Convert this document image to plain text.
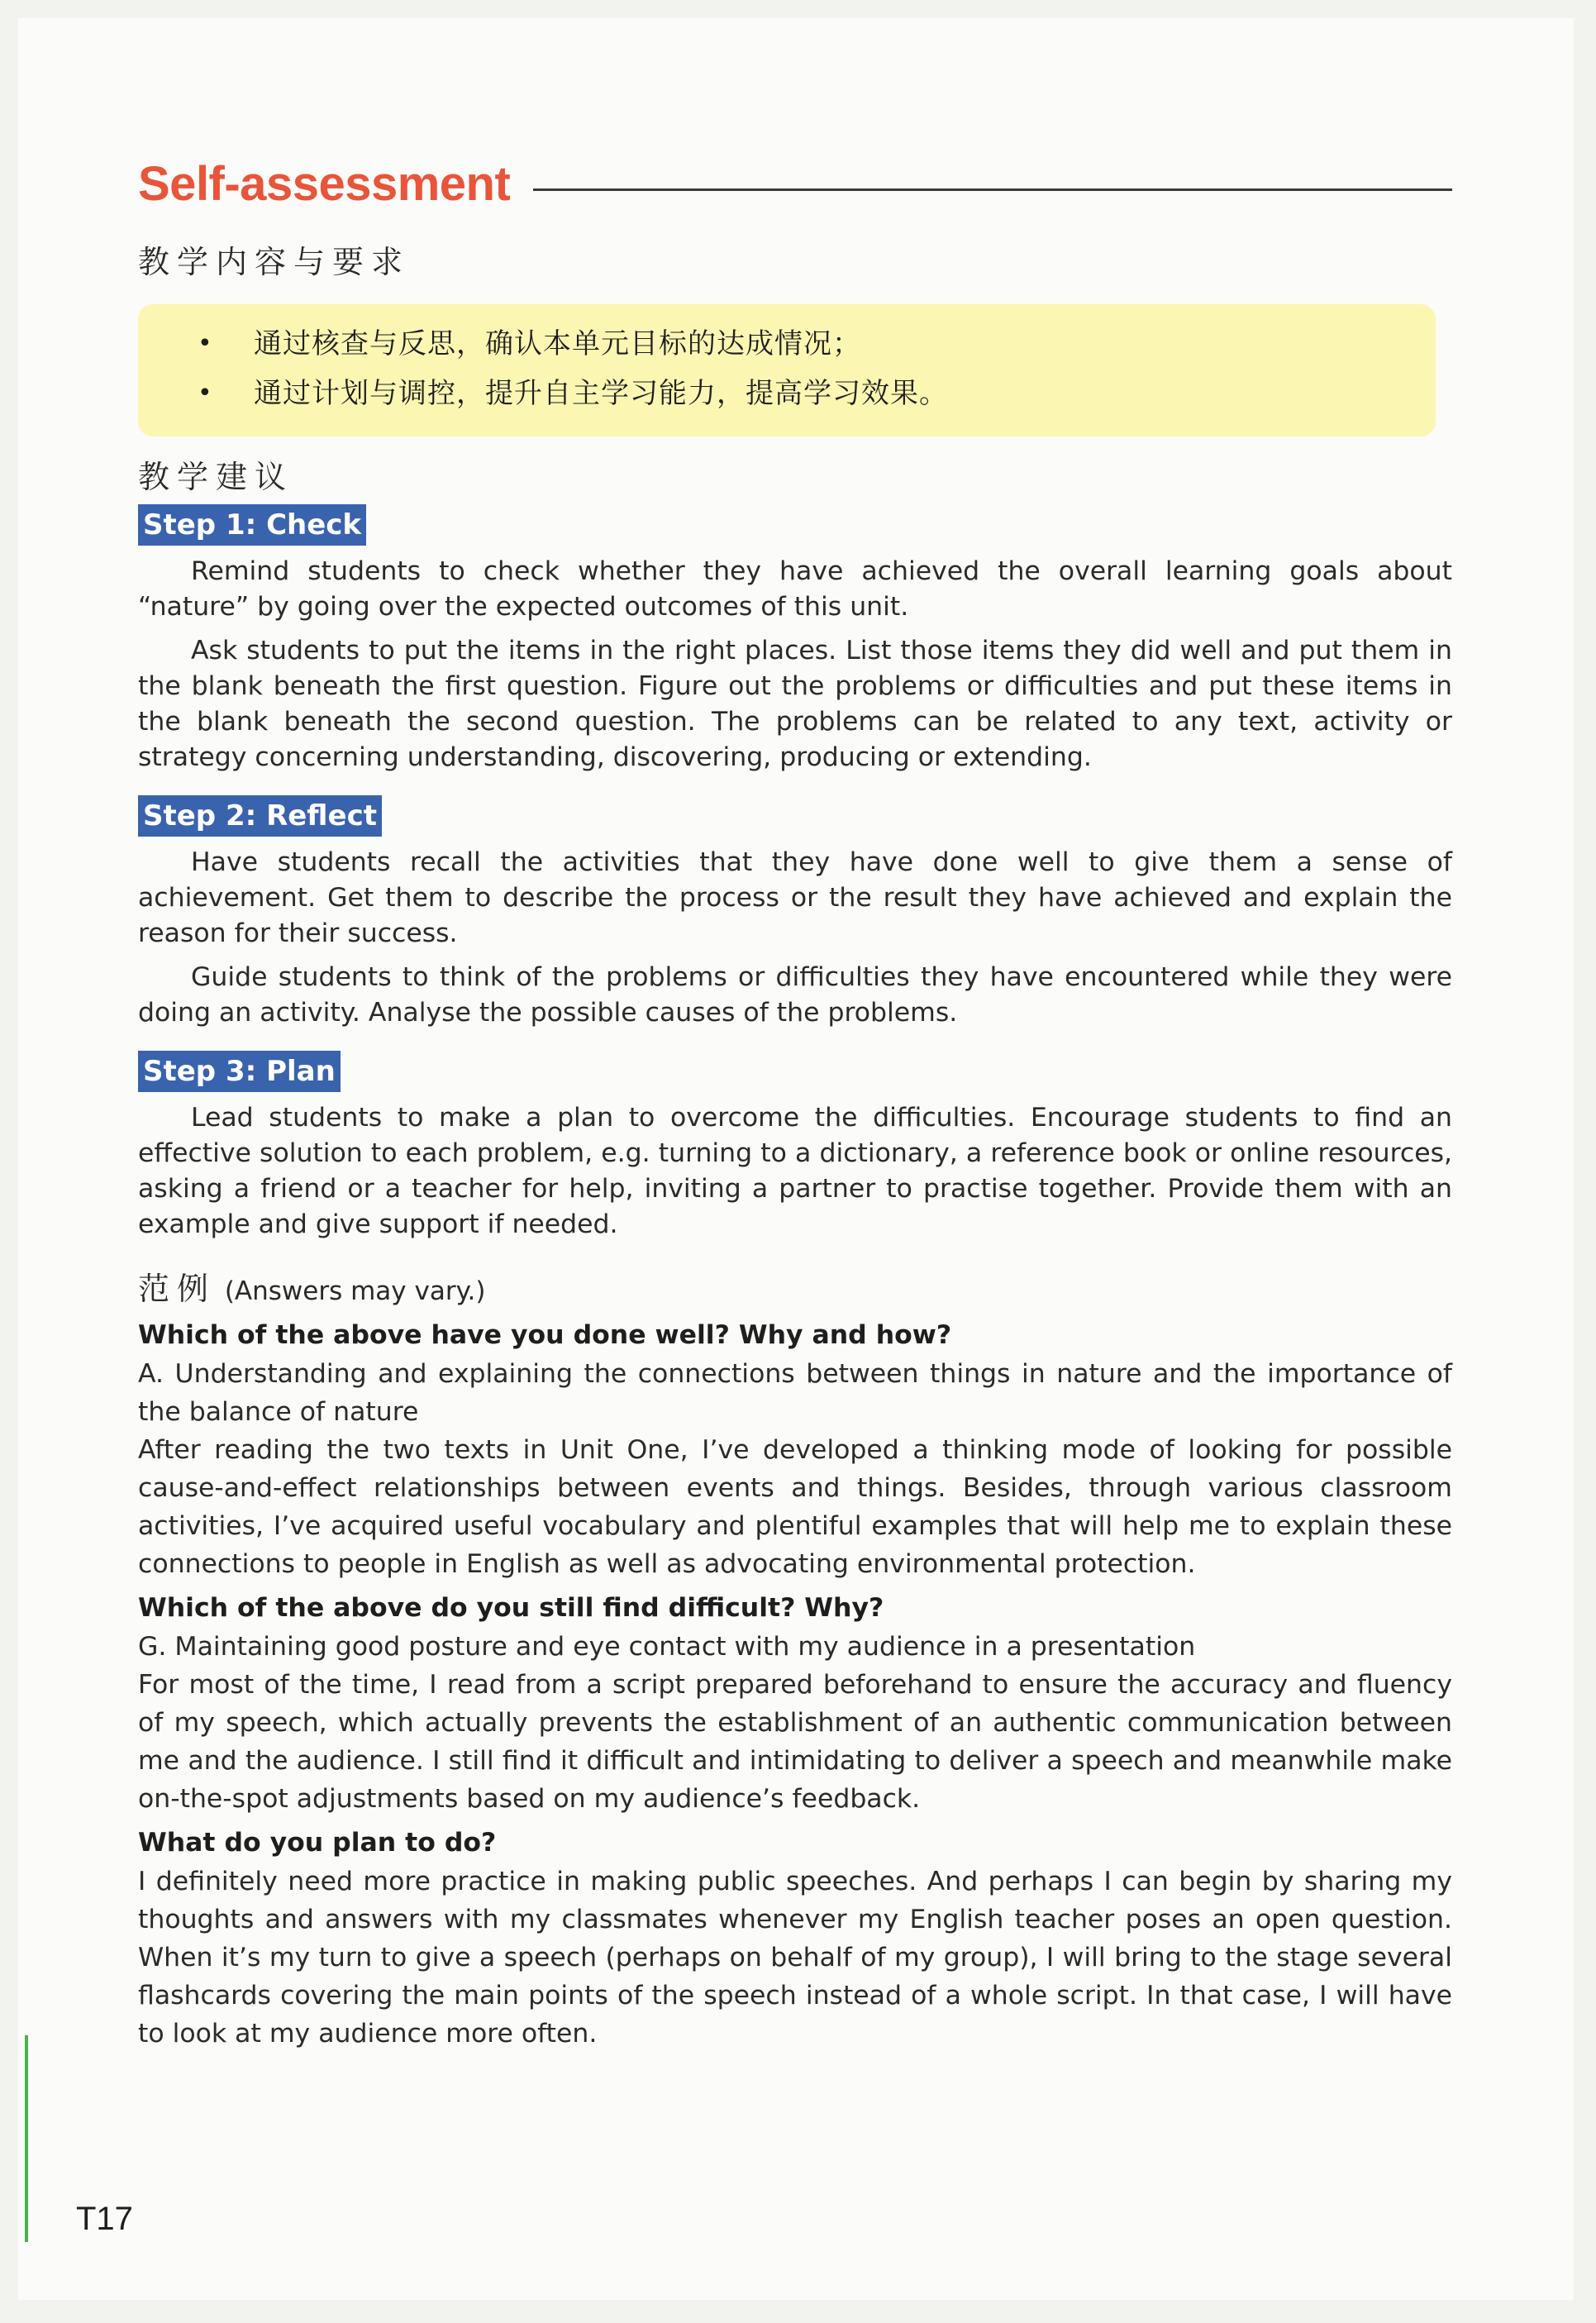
Self-assessment
教学内容与要求
•	通过核查与反思，确认本单元目标的达成情况；
•	通过计划与调控，提升自主学习能力，提高学习效果。
教学建议
Step 1: Check

Remind students to check whether they have achieved the overall learning goals about “nature” by going over the expected outcomes of this unit.

Ask students to put the items in the right places. List those items they did well and put them in the blank beneath the first question. Figure out the problems or difficulties and put these items in the blank beneath the second question. The problems can be related to any text, activity or strategy concerning understanding, discovering, producing or extending.

Step 2: Reflect

Have students recall the activities that they have done well to give them a sense of achievement. Get them to describe the process or the result they have achieved and explain the reason for their success.

Guide students to think of the problems or difficulties they have encountered while they were doing an activity. Analyse the possible causes of the problems.

Step 3: Plan

Lead students to make a plan to overcome the difficulties. Encourage students to find an effective solution to each problem, e.g. turning to a dictionary, a reference book or online resources, asking a friend or a teacher for help, inviting a partner to practise together. Provide them with an example and give support if needed.

范例 (Answers may vary.)
Which of the above have you done well? Why and how?

A. Understanding and explaining the connections between things in nature and the importance of the balance of nature

After reading the two texts in Unit One, I’ve developed a thinking mode of looking for possible cause-and-effect relationships between events and things. Besides, through various classroom activities, I’ve acquired useful vocabulary and plentiful examples that will help me to explain these connections to people in English as well as advocating environmental protection.

Which of the above do you still find difficult? Why?

G. Maintaining good posture and eye contact with my audience in a presentation

For most of the time, I read from a script prepared beforehand to ensure the accuracy and fluency of my speech, which actually prevents the establishment of an authentic communication between me and the audience. I still find it difficult and intimidating to deliver a speech and meanwhile make on-the-spot adjustments based on my audience’s feedback.

What do you plan to do?

I definitely need more practice in making public speeches. And perhaps I can begin by sharing my thoughts and answers with my classmates whenever my English teacher poses an open question. When it’s my turn to give a speech (perhaps on behalf of my group), I will bring to the stage several flashcards covering the main points of the speech instead of a whole script. In that case, I will have to look at my audience more often.

T17
